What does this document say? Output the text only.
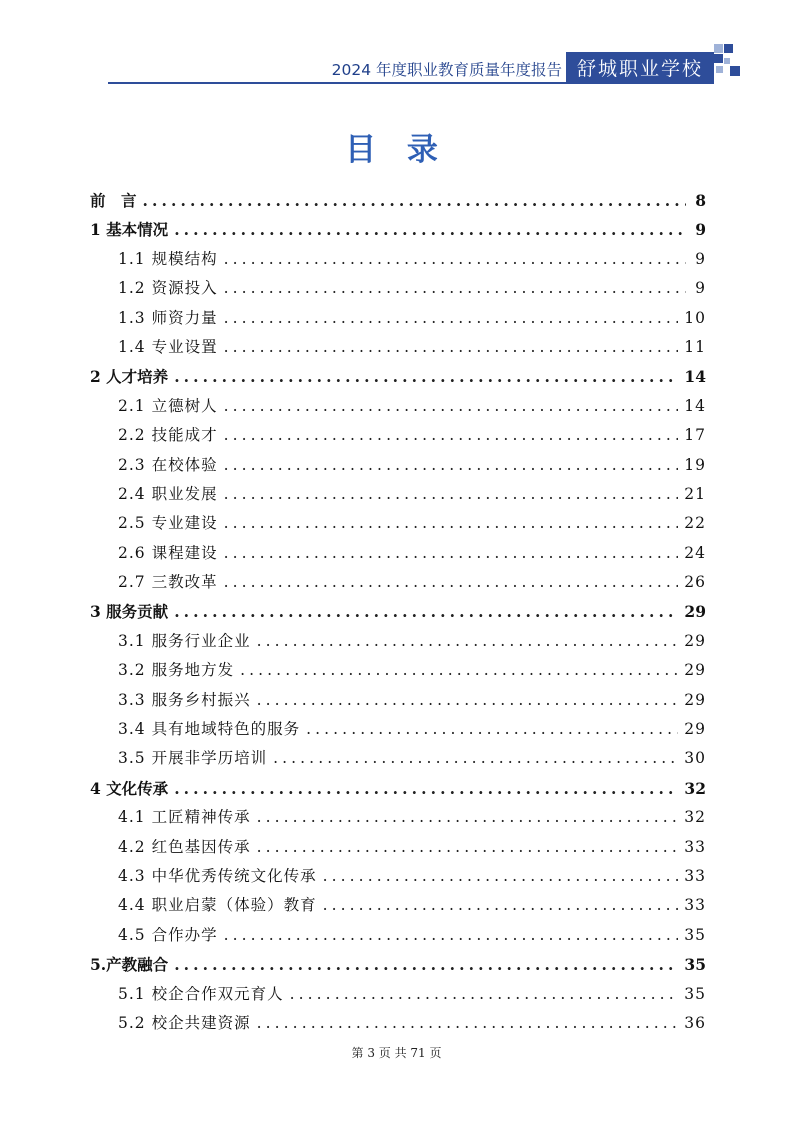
2024 年度职业教育质量年度报告 舒城职业学校
目 录
前　言 .....	8
1 基本情况 .....	9
1.1 规模结构 .....	9
1.2 资源投入 .....	9
1.3 师资力量 .....	10
1.4 专业设置 .....	11
2 人才培养 .....	14
2.1 立德树人 .....	14
2.2 技能成才 .....	17
2.3 在校体验 .....	19
2.4 职业发展 .....	21
2.5 专业建设 .....	22
2.6 课程建设 .....	24
2.7 三教改革 .....	26
3 服务贡献 .....	29
3.1 服务行业企业 .....	29
3.2 服务地方发 .....	29
3.3 服务乡村振兴 .....	29
3.4 具有地域特色的服务 .....	29
3.5 开展非学历培训 .....	30
4 文化传承 .....	32
4.1 工匠精神传承 .....	32
4.2 红色基因传承 .....	33
4.3 中华优秀传统文化传承 .....	33
4.4 职业启蒙（体验）教育 .....	33
4.5 合作办学 .....	35
5.产教融合 .....	35
5.1 校企合作双元育人 .....	35
5.2 校企共建资源 .....	36
第 3 页 共 71 页
